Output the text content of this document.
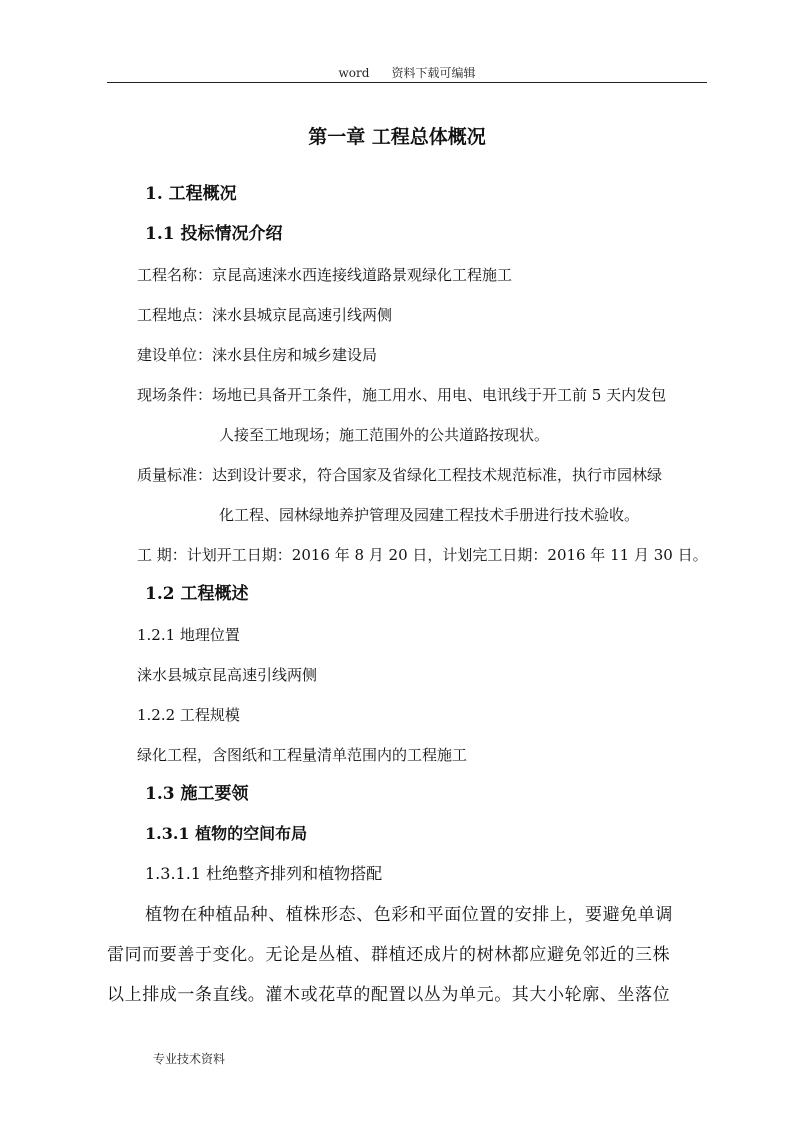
word 资料下载可编辑
第一章 工程总体概况
1. 工程概况
1.1 投标情况介绍
工程名称：京昆高速涞水西连接线道路景观绿化工程施工
工程地点：涞水县城京昆高速引线两侧
建设单位：涞水县住房和城乡建设局
现场条件：场地已具备开工条件，施工用水、用电、电讯线于开工前 5 天内发包
人接至工地现场；施工范围外的公共道路按现状。
质量标准：达到设计要求，符合国家及省绿化工程技术规范标准，执行市园林绿
化工程、园林绿地养护管理及园建工程技术手册进行技术验收。
工 期：计划开工日期：2016 年 8 月 20 日，计划完工日期：2016 年 11 月 30 日。
1.2 工程概述
1.2.1 地理位置
涞水县城京昆高速引线两侧
1.2.2 工程规模
绿化工程，含图纸和工程量清单范围内的工程施工
1.3 施工要领
1.3.1 植物的空间布局
1.3.1.1 杜绝整齐排列和植物搭配
植物在种植品种、植株形态、色彩和平面位置的安排上，要避免单调
雷同而要善于变化。无论是丛植、群植还成片的树林都应避免邻近的三株
以上排成一条直线。灌木或花草的配置以丛为单元。其大小轮廓、坐落位
专业技术资料
